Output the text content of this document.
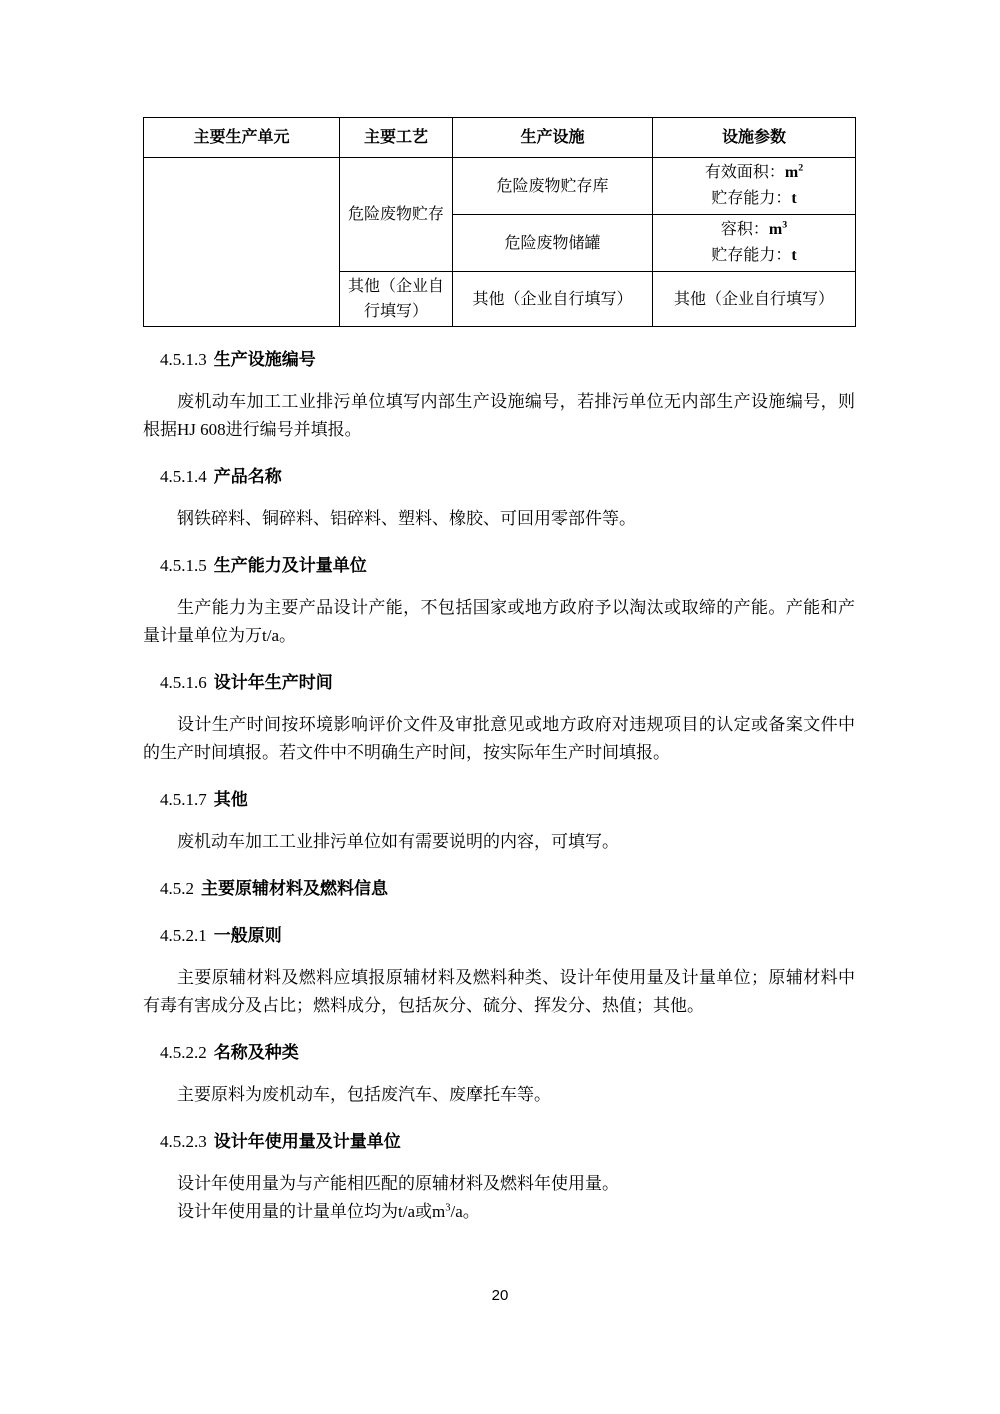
主要生产单元	主要工艺	生产设施	设施参数
	危险废物贮存	危险废物贮存库	有效面积：$m^2$
贮存能力：t

		危险废物储罐	容积：$m^3$
贮存能力：t

	其他（企业自行填写）	其他（企业自行填写）	其他（企业自行填写）
4.5.1.3 生产设施编号

废机动车加工工业排污单位填写内部生产设施编号，若排污单位无内部生产设施编号，则根据HJ 608进行编号并填报。

4.5.1.4 产品名称

钢铁碎料、铜碎料、铝碎料、塑料、橡胶、可回用零部件等。

4.5.1.5 生产能力及计量单位

生产能力为主要产品设计产能，不包括国家或地方政府予以淘汰或取缔的产能。产能和产量计量单位为万t/a。

4.5.1.6 设计年生产时间

设计生产时间按环境影响评价文件及审批意见或地方政府对违规项目的认定或备案文件中的生产时间填报。若文件中不明确生产时间，按实际年生产时间填报。

4.5.1.7 其他

废机动车加工工业排污单位如有需要说明的内容，可填写。

4.5.2 主要原辅材料及燃料信息
4.5.2.1 一般原则

主要原辅材料及燃料应填报原辅材料及燃料种类、设计年使用量及计量单位；原辅材料中有毒有害成分及占比；燃料成分，包括灰分、硫分、挥发分、热值；其他。

4.5.2.2 名称及种类

主要原料为废机动车，包括废汽车、废摩托车等。

4.5.2.3 设计年使用量及计量单位

设计年使用量为与产能相匹配的原辅材料及燃料年使用量。

设计年使用量的计量单位均为t/a或$m^3/a$。

20
